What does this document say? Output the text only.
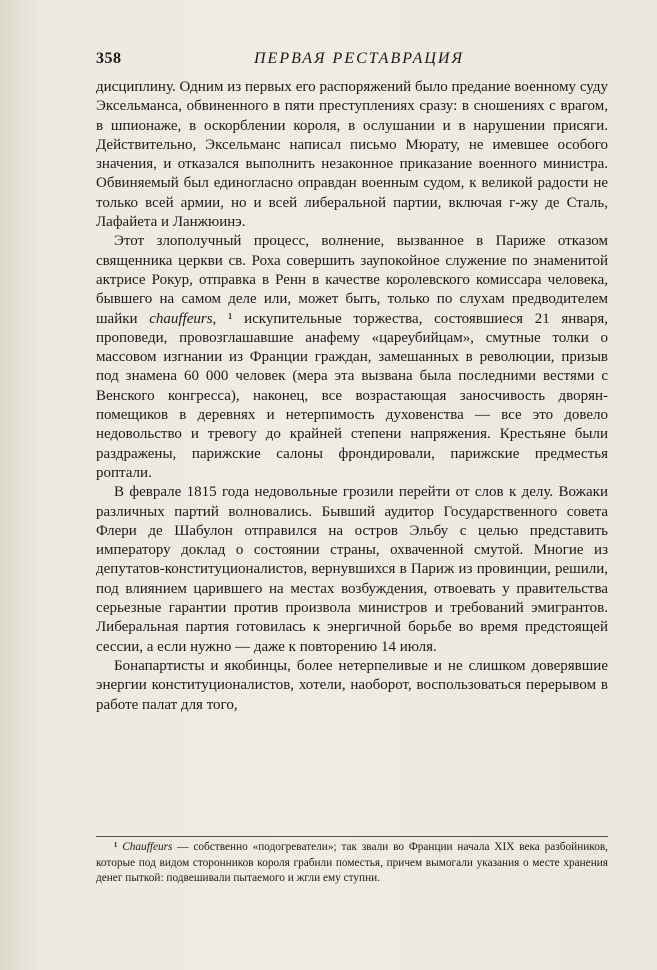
358	ПЕРВАЯ РЕСТАВРАЦИЯ

дисциплину. Одним из первых его распоряжений было предание военному суду Эксельманса, обвиненного в пяти преступлениях сразу: в сношениях с врагом, в шпионаже, в оскорблении короля, в ослушании и в нарушении присяги. Действительно, Эксельманс написал письмо Мюрату, не имевшее особого значения, и отказался выполнить незаконное приказание военного министра. Обвиняемый был единогласно оправдан военным судом, к великой радости не только всей армии, но и всей либеральной партии, включая г-жу де Сталь, Лафайета и Ланжюинэ.

Этот злополучный процесс, волнение, вызванное в Париже отказом священника церкви св. Роха совершить заупокойное служение по знаменитой актрисе Рокур, отправка в Ренн в качестве королевского комиссара человека, бывшего на самом деле или, может быть, только по слухам предводителем шайки chauffeurs, ¹ искупительные торжества, состоявшиеся 21 января, проповеди, провозглашавшие анафему «цареубийцам», смутные толки о массовом изгнании из Франции граждан, замешанных в революции, призыв под знамена 60 000 человек (мера эта вызвана была последними вестями с Венского конгресса), наконец, все возрастающая заносчивость дворян-помещиков в деревнях и нетерпимость духовенства — все это довело недовольство и тревогу до крайней степени напряжения. Крестьяне были раздражены, парижские салоны фрондировали, парижские предместья роптали.

В феврале 1815 года недовольные грозили перейти от слов к делу. Вожаки различных партий волновались. Бывший аудитор Государственного совета Флери де Шабулон отправился на остров Эльбу с целью представить императору доклад о состоянии страны, охваченной смутой. Многие из депутатов-конституционалистов, вернувшихся в Париж из провинции, решили, под влиянием царившего на местах возбуждения, отвоевать у правительства серьезные гарантии против произвола министров и требований эмигрантов. Либеральная партия готовилась к энергичной борьбе во время предстоящей сессии, а если нужно — даже к повторению 14 июля.

Бонапартисты и якобинцы, более нетерпеливые и не слишком доверявшие энергии конституционалистов, хотели, наоборот, воспользоваться перерывом в работе палат для того,

¹ Chauffeurs — собственно «подогреватели»; так звали во Франции начала XIX века разбойников, которые под видом сторонников короля грабили поместья, причем вымогали указания о месте хранения денег пыткой: подвешивали пытаемого и жгли ему ступни.
